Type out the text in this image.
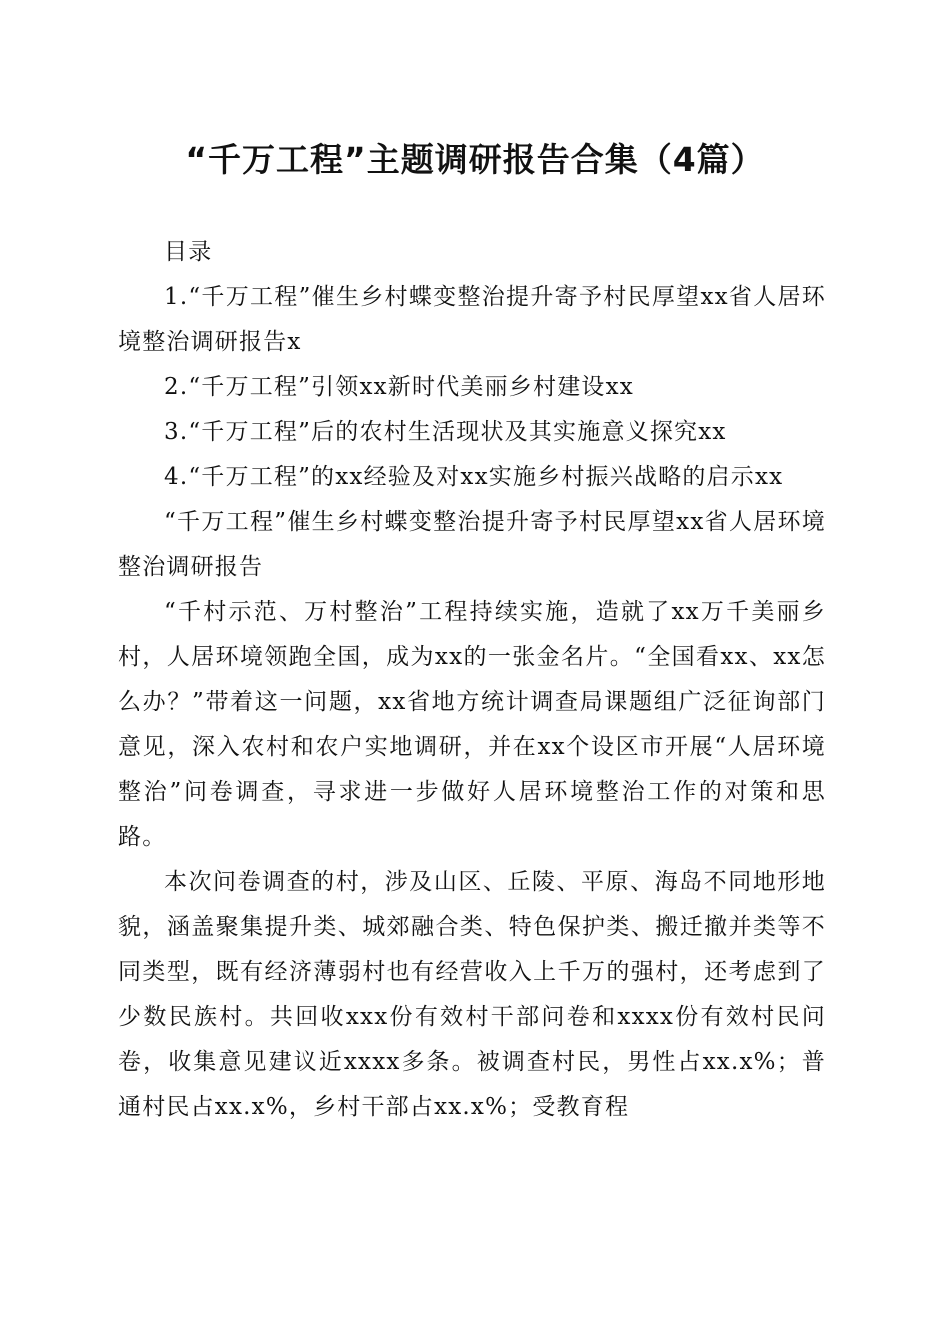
“千万工程”主题调研报告合集（4篇）

目录

1.“千万工程”催生乡村蝶变整治提升寄予村民厚望xx省人居环境整治调研报告x

2.“千万工程”引领xx新时代美丽乡村建设xx

3.“千万工程”后的农村生活现状及其实施意义探究xx

4.“千万工程”的xx经验及对xx实施乡村振兴战略的启示xx

“千万工程”催生乡村蝶变整治提升寄予村民厚望xx省人居环境整治调研报告

“千村示范、万村整治”工程持续实施，造就了xx万千美丽乡村，人居环境领跑全国，成为xx的一张金名片。“全国看xx、xx怎么办？”带着这一问题，xx省地方统计调查局课题组广泛征询部门意见，深入农村和农户实地调研，并在xx个设区市开展“人居环境整治”问卷调查，寻求进一步做好人居环境整治工作的对策和思路。

本次问卷调查的村，涉及山区、丘陵、平原、海岛不同地形地貌，涵盖聚集提升类、城郊融合类、特色保护类、搬迁撤并类等不同类型，既有经济薄弱村也有经营收入上千万的强村，还考虑到了少数民族村。共回收xxx份有效村干部问卷和xxxx份有效村民问卷，收集意见建议近xxxx多条。被调查村民，男性占xx.x%；普通村民占xx.x%，乡村干部占xx.x%；受教育程
